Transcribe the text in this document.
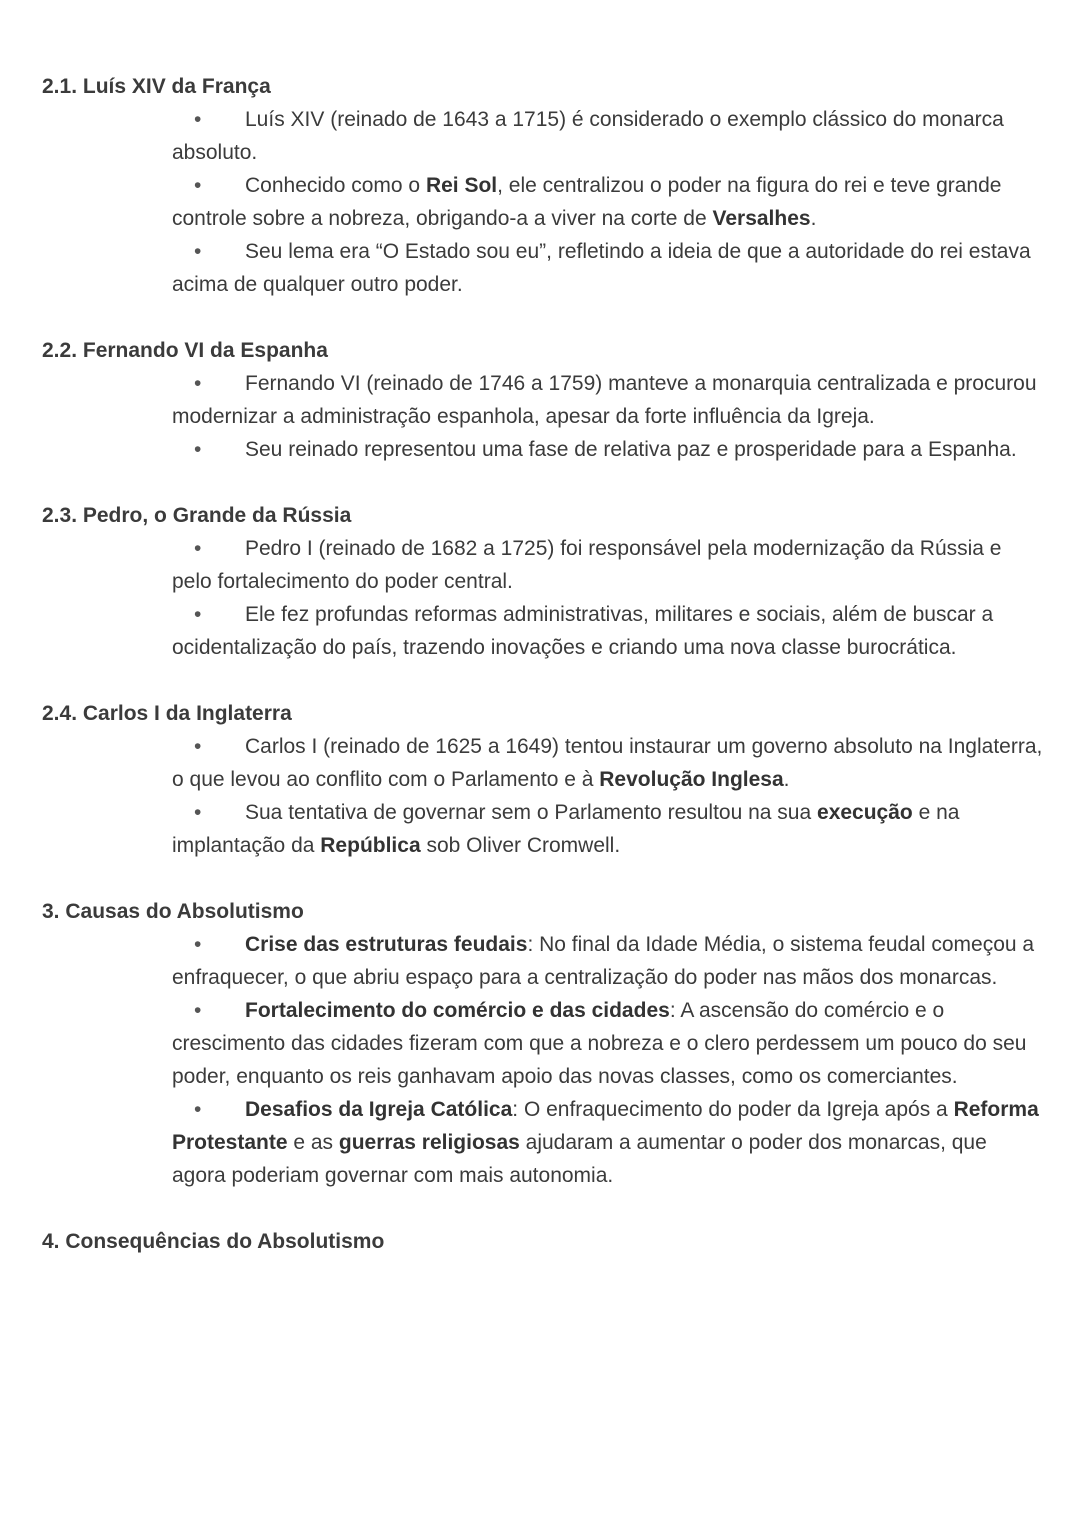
2.1. Luís XIV da França
• Luís XIV (reinado de 1643 a 1715) é considerado o exemplo clássico do monarca absoluto.
• Conhecido como o Rei Sol, ele centralizou o poder na figura do rei e teve grande controle sobre a nobreza, obrigando-a a viver na corte de Versalhes.
• Seu lema era “O Estado sou eu”, refletindo a ideia de que a autoridade do rei estava acima de qualquer outro poder.
2.2. Fernando VI da Espanha
• Fernando VI (reinado de 1746 a 1759) manteve a monarquia centralizada e procurou modernizar a administração espanhola, apesar da forte influência da Igreja.
• Seu reinado representou uma fase de relativa paz e prosperidade para a Espanha.
2.3. Pedro, o Grande da Rússia
• Pedro I (reinado de 1682 a 1725) foi responsável pela modernização da Rússia e pelo fortalecimento do poder central.
• Ele fez profundas reformas administrativas, militares e sociais, além de buscar a ocidentalização do país, trazendo inovações e criando uma nova classe burocrática.
2.4. Carlos I da Inglaterra
• Carlos I (reinado de 1625 a 1649) tentou instaurar um governo absoluto na Inglaterra, o que levou ao conflito com o Parlamento e à Revolução Inglesa.
• Sua tentativa de governar sem o Parlamento resultou na sua execução e na implantação da República sob Oliver Cromwell.
3. Causas do Absolutismo
• Crise das estruturas feudais: No final da Idade Média, o sistema feudal começou a enfraquecer, o que abriu espaço para a centralização do poder nas mãos dos monarcas.
• Fortalecimento do comércio e das cidades: A ascensão do comércio e o crescimento das cidades fizeram com que a nobreza e o clero perdessem um pouco do seu poder, enquanto os reis ganhavam apoio das novas classes, como os comerciantes.
• Desafios da Igreja Católica: O enfraquecimento do poder da Igreja após a Reforma Protestante e as guerras religiosas ajudaram a aumentar o poder dos monarcas, que agora poderiam governar com mais autonomia.
4. Consequências do Absolutismo
